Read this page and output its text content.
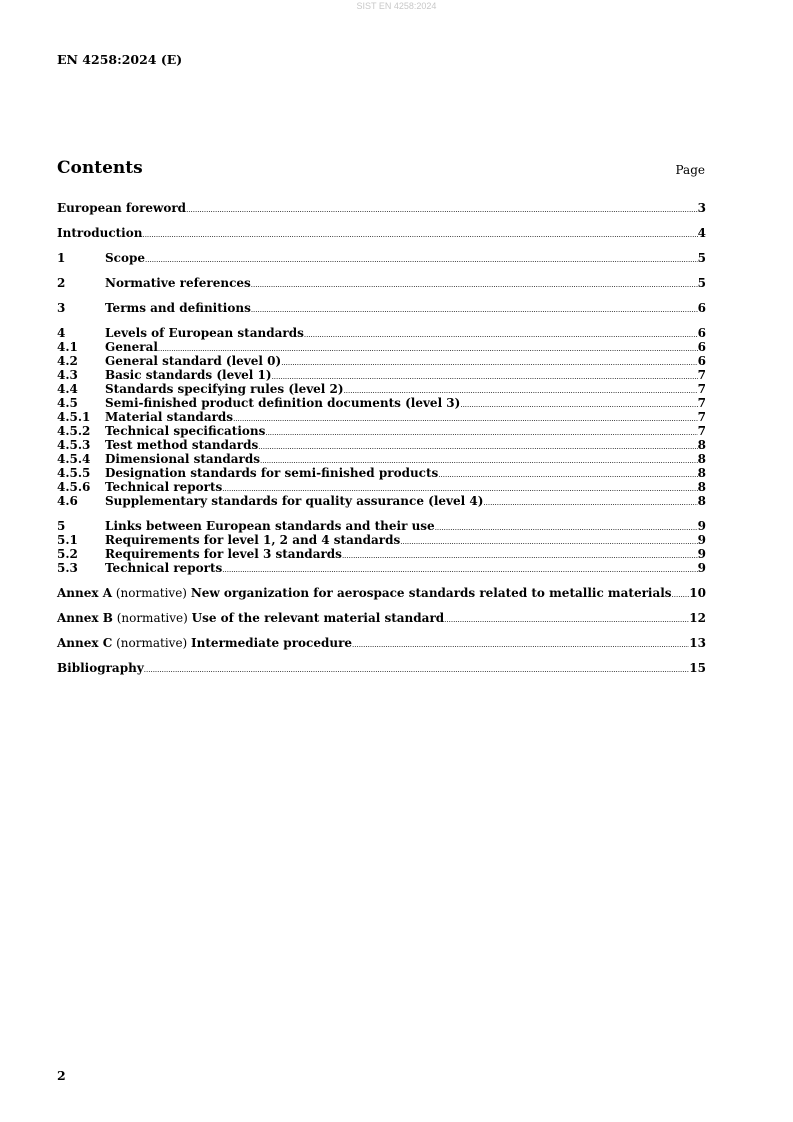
SIST EN 4258:2024
EN 4258:2024 (E)
Contents	Page
European foreword .....	3
Introduction .....	4
1	Scope .....	5
2	Normative references .....	5
3	Terms and definitions .....	6
4	Levels of European standards .....	6
4.1	General .....	6
4.2	General standard (level 0) .....	6
4.3	Basic standards (level 1) .....	7
4.4	Standards specifying rules (level 2) .....	7
4.5	Semi-finished product definition documents (level 3) .....	7
4.5.1	Material standards .....	7
4.5.2	Technical specifications .....	7
4.5.3	Test method standards .....	8
4.5.4	Dimensional standards .....	8
4.5.5	Designation standards for semi-finished products .....	8
4.5.6	Technical reports .....	8
4.6	Supplementary standards for quality assurance (level 4) .....	8
5	Links between European standards and their use .....	9
5.1	Requirements for level 1, 2 and 4 standards .....	9
5.2	Requirements for level 3 standards .....	9
5.3	Technical reports .....	9
Annex A (normative) New organization for aerospace standards related to metallic materials ..... 10
Annex B (normative) Use of the relevant material standard .....	12
Annex C (normative) Intermediate procedure .....	13
Bibliography .....	15
2
